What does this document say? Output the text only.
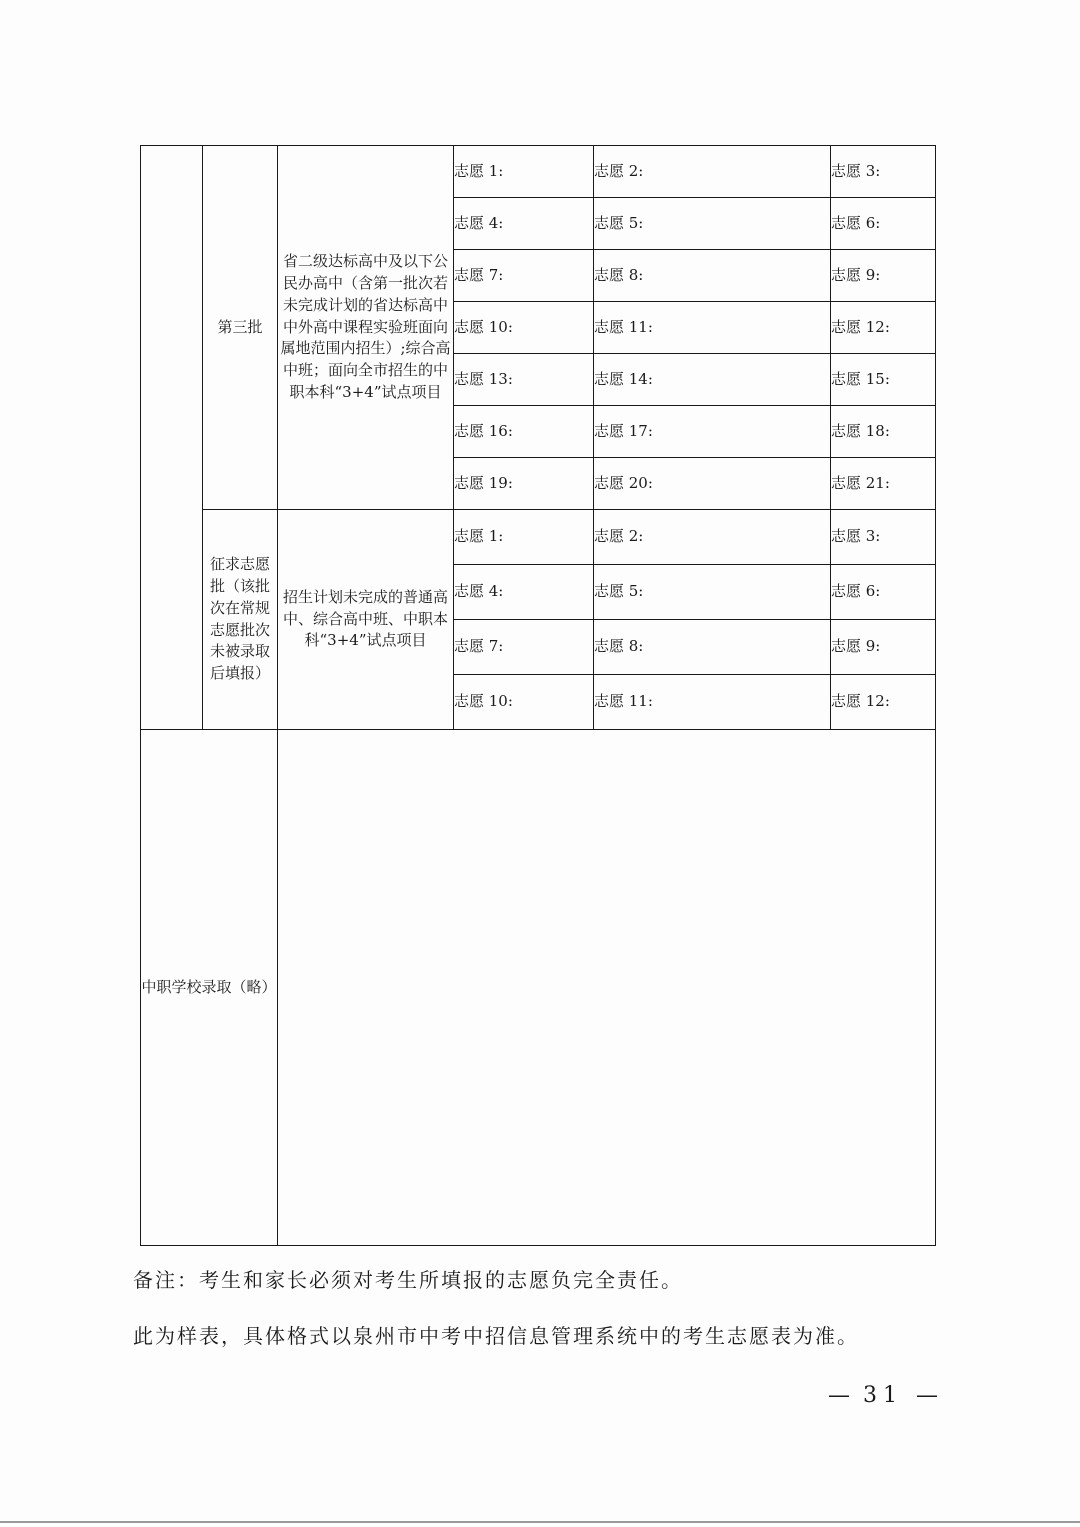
	第三批	省二级达标高中及以下公民办高中（含第一批次若未完成计划的省达标高中中外高中课程实验班面向属地范围内招生）;综合高中班；面向全市招生的中职本科“3+4”试点项目	志愿 1:	志愿 2:	志愿 3:
			志愿 4:	志愿 5:	志愿 6:
			志愿 7:	志愿 8:	志愿 9:
			志愿 10:	志愿 11:	志愿 12:
			志愿 13:	志愿 14:	志愿 15:
			志愿 16:	志愿 17:	志愿 18:
			志愿 19:	志愿 20:	志愿 21:
	征求志愿批（该批次在常规志愿批次未被录取后填报）	招生计划未完成的普通高中、综合高中班、中职本科“3+4”试点项目	志愿 1:	志愿 2:	志愿 3:
			志愿 4:	志愿 5:	志愿 6:
			志愿 7:	志愿 8:	志愿 9:
			志愿 10:	志愿 11:	志愿 12:
中职学校录取（略）					
备注：考生和家长必须对考生所填报的志愿负完全责任。
此为样表，具体格式以泉州市中考中招信息管理系统中的考生志愿表为准。
— 31 —
